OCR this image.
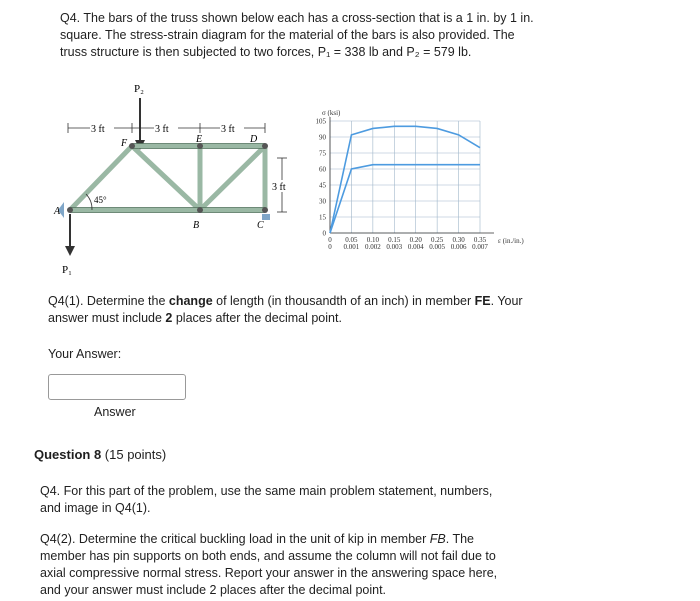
Q4. The bars of the truss shown below each has a cross-section that is a 1 in. by 1 in.
square. The stress-strain diagram for the material of the bars is also provided. The
truss structure is then subjected to two forces, P₁ = 338 lb and P₂ = 579 lb.
P₂
3 ft	3 ft	3 ft
45°
A
F	E	D
B	C
3 ft
P₁
σ (ksi)
105
90
75
60
45
30
15
0
0 0.05 0.10 0.15 0.20 0.25 0.30 0.35
0 0.001 0.002 0.003 0.004 0.005 0.006 0.007
ε (in./in.)
Q4(1). Determine the change of length (in thousandth of an inch) in member FE. Your
answer must include 2 places after the decimal point.
Your Answer:
Answer
Question 8 (15 points)
Q4. For this part of the problem, use the same main problem statement, numbers,
and image in Q4(1).
Q4(2). Determine the critical buckling load in the unit of kip in member FB. The
member has pin supports on both ends, and assume the column will not fail due to
axial compressive normal stress. Report your answer in the answering space here,
and your answer must include 2 places after the decimal point.
